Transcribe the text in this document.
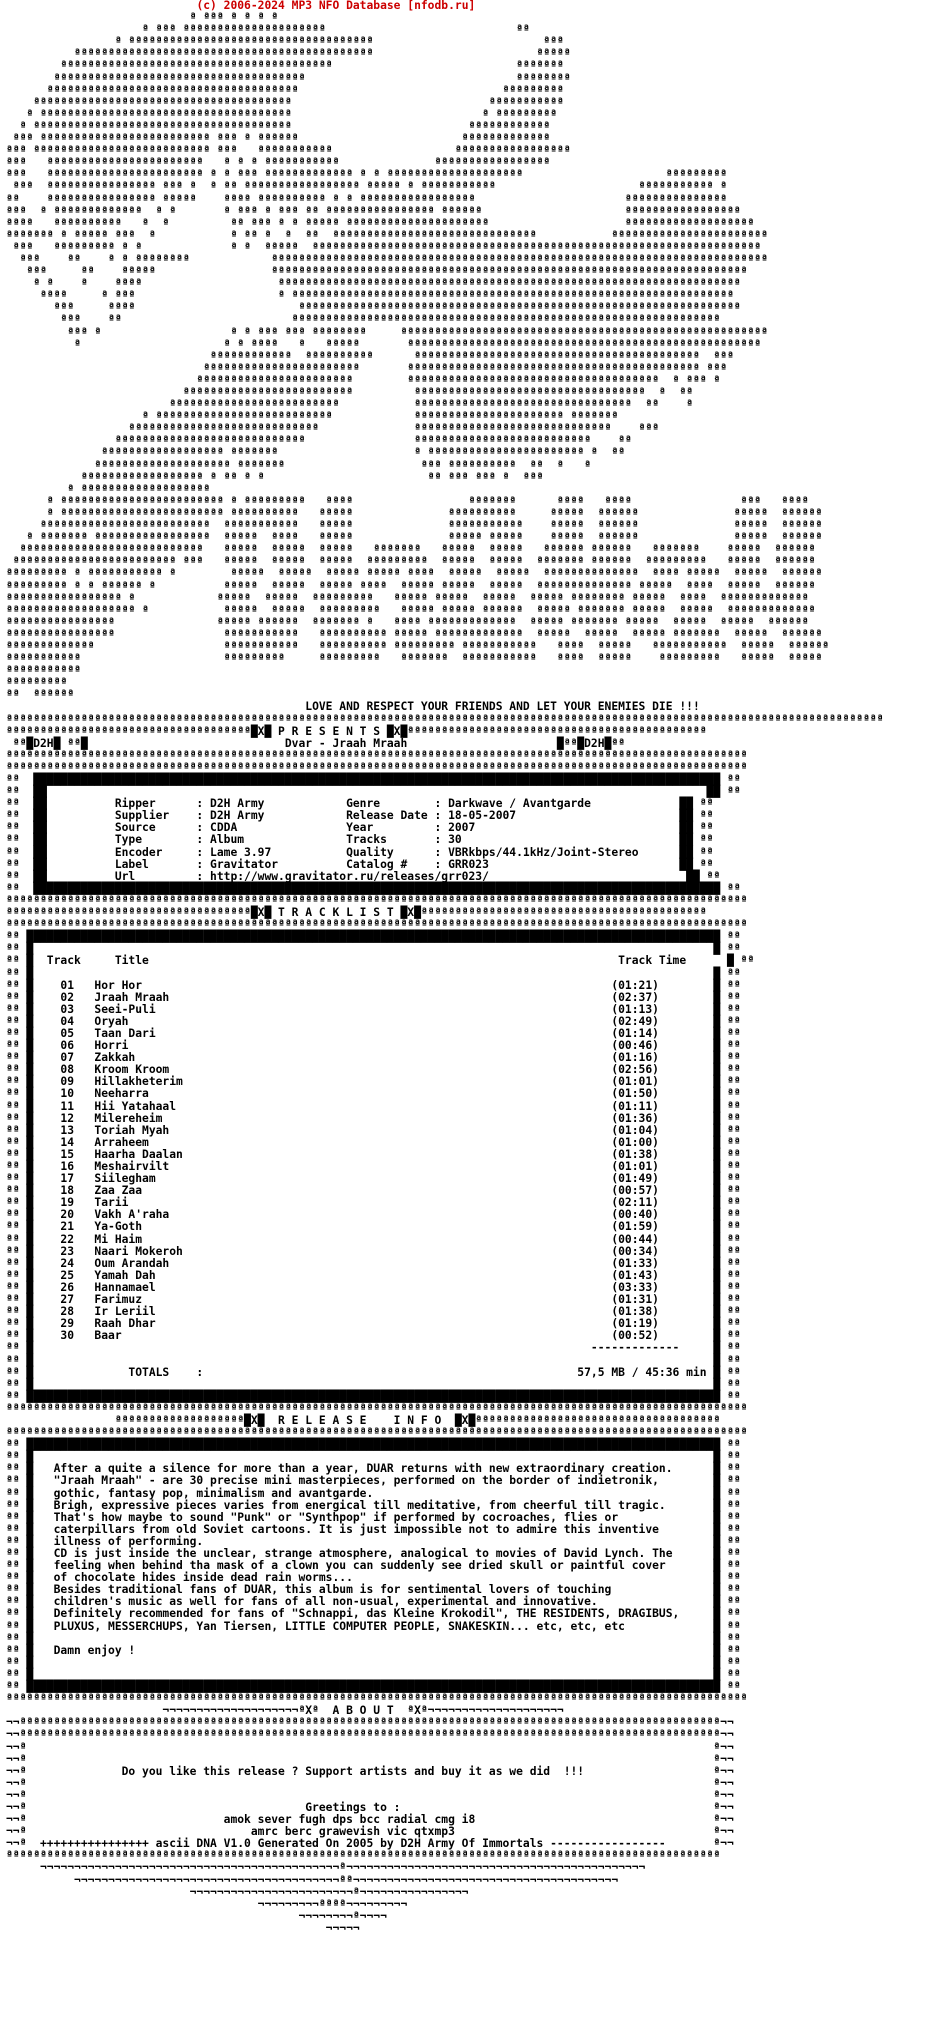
(c) 2006-2024 MP3 NFO Database [nfodb.ru]
ª ªªª ª ª ª ª
ª ªªª ªªªªªªªªªªªªªªªªªªªªª                            ªª
ª ªªªªªªªªªªªªªªªªªªªªªªªªªªªªªªªªªªªª                         ªªª
ªªªªªªªªªªªªªªªªªªªªªªªªªªªªªªªªªªªªªªªªªªªª                        ªªªªª
ªªªªªªªªªªªªªªªªªªªªªªªªªªªªªªªªªªªªªªªª                           ªªªªªªª
ªªªªªªªªªªªªªªªªªªªªªªªªªªªªªªªªªªªªª                               ªªªªªªªª
ªªªªªªªªªªªªªªªªªªªªªªªªªªªªªªªªªªªªª                              ªªªªªªªªª
ªªªªªªªªªªªªªªªªªªªªªªªªªªªªªªªªªªªªªª                             ªªªªªªªªªªª
ª ªªªªªªªªªªªªªªªªªªªªªªªªªªªªªªªªªªªªª                            ª ªªªªªªªªª
ª ªªªªªªªªªªªªªªªªªªªªªªªªªªªªªªªªªªªªªª                          ªªªªªªªªªªªª
ªªª ªªªªªªªªªªªªªªªªªªªªªªªªª ªªª ª ªªªªªª                        ªªªªªªªªªªªªª
ªªª ªªªªªªªªªªªªªªªªªªªªªªªªªª ªªª   ªªªªªªªªªªª                  ªªªªªªªªªªªªªªªªª
ªªª   ªªªªªªªªªªªªªªªªªªªªªªª   ª ª ª ªªªªªªªªªªª              ªªªªªªªªªªªªªªªªª
ªªª   ªªªªªªªªªªªªªªªªªªªªªªª ª ª ªªª ªªªªªªªªªªªªª ª ª ªªªªªªªªªªªªªªªªªªªª                     ªªªªªªªªª
ªªª  ªªªªªªªªªªªªªªªª ªªª ª  ª ªª ªªªªªªªªªªªªªªªªª ªªªªª ª ªªªªªªªªªªª                     ªªªªªªªªªªª ª
ªª    ªªªªªªªªªªªªªªªª ªªªªª    ªªªª ªªªªªªªªªª ª ª ªªªªªªªªªªªªªªªªª                      ªªªªªªªªªªªªªªª
ªªª  ª ªªªªªªªªªªªªª  ª ª       ª ªªª ª ªªª ªª ªªªªªªªªªªªªªªªª ªªªªªª                     ªªªªªªªªªªªªªªªªª
ªªªª   ªªªªªªªªªª   ª  ª         ªª ªªª ª ª ªªªªª ªªªªªªªªªªªªªªªªªªªªª                    ªªªªªªªªªªªªªªªªªªª
ªªªªªªª ª ªªªªª ªªª  ª           ª ªª ª  ª  ªª  ªªªªªªªªªªªªªªªªªªªªªªªªªªªªªª           ªªªªªªªªªªªªªªªªªªªªªªª
ªªª   ªªªªªªªªª ª ª             ª ª  ªªªªª  ªªªªªªªªªªªªªªªªªªªªªªªªªªªªªªªªªªªªªªªªªªªªªªªªªªªªªªªªªªªªªªªªªª
ªªª    ªª    ª ª ªªªªªªªª            ªªªªªªªªªªªªªªªªªªªªªªªªªªªªªªªªªªªªªªªªªªªªªªªªªªªªªªªªªªªªªªªªªªªªªªªªª
ªªª     ªª    ªªªªª                 ªªªªªªªªªªªªªªªªªªªªªªªªªªªªªªªªªªªªªªªªªªªªªªªªªªªªªªªªªªªªªªªªªªªªªª
ª ª    ª    ªªªª                    ªªªªªªªªªªªªªªªªªªªªªªªªªªªªªªªªªªªªªªªªªªªªªªªªªªªªªªªªªªªªªªªªªªªª
ªªªª     ª ªªª                     ª ªªªªªªªªªªªªªªªªªªªªªªªªªªªªªªªªªªªªªªªªªªªªªªªªªªªªªªªªªªªªªªªªª
ªªª     ªªªª                        ªªªªªªªªªªªªªªªªªªªªªªªªªªªªªªªªªªªªªªªªªªªªªªªªªªªªªªªªªªªªªªªªª
ªªª    ªª                         ªªªªªªªªªªªªªªªªªªªªªªªªªªªªªªªªªªªªªªªªªªªªªªªªªªªªªªªªªªªªªªª
ªªª ª                   ª ª ªªª ªªª ªªªªªªªª     ªªªªªªªªªªªªªªªªªªªªªªªªªªªªªªªªªªªªªªªªªªªªªªªªªªªªªª
ª                     ª ª ªªªª   ª   ªªªªª       ªªªªªªªªªªªªªªªªªªªªªªªªªªªªªªªªªªªªªªªªªªªªªªªªªªªª
ªªªªªªªªªªªª  ªªªªªªªªªª      ªªªªªªªªªªªªªªªªªªªªªªªªªªªªªªªªªªªªªªªªªª  ªªª
ªªªªªªªªªªªªªªªªªªªªªªª       ªªªªªªªªªªªªªªªªªªªªªªªªªªªªªªªªªªªªªªªªªªª ªªª
ªªªªªªªªªªªªªªªªªªªªªªª        ªªªªªªªªªªªªªªªªªªªªªªªªªªªªªªªªªªªªª  ª ªªª ª
ªªªªªªªªªªªªªªªªªªªªªªªªª         ªªªªªªªªªªªªªªªªªªªªªªªªªªªªªªªªªª  ª  ªª
ªªªªªªªªªªªªªªªªªªªªªªªªª           ªªªªªªªªªªªªªªªªªªªªªªªªªªªªªªªª  ªª    ª
ª ªªªªªªªªªªªªªªªªªªªªªªªªªª            ªªªªªªªªªªªªªªªªªªªªªª ªªªªªªª
ªªªªªªªªªªªªªªªªªªªªªªªªªªªª              ªªªªªªªªªªªªªªªªªªªªªªªªªªªªª    ªªª
ªªªªªªªªªªªªªªªªªªªªªªªªªªªª                ªªªªªªªªªªªªªªªªªªªªªªªªªª    ªª
ªªªªªªªªªªªªªªªªªª ªªªªªªª                    ª ªªªªªªªªªªªªªªªªªªªªªªª ª  ªª
ªªªªªªªªªªªªªªªªªªªª ªªªªªªª                    ªªª ªªªªªªªªªª  ªª  ª   ª
ªªªªªªªªªªªªªªªªªª ª ªª ª ª                        ªª ªªª ªªª ª  ªªª
ª ªªªªªªªªªªªªªªªªªªª
ª ªªªªªªªªªªªªªªªªªªªªªªªª ª ªªªªªªªªª   ªªªª                 ªªªªªªª      ªªªª   ªªªª                ªªª   ªªªª
ª ªªªªªªªªªªªªªªªªªªªªªªªª ªªªªªªªªªª   ªªªªª              ªªªªªªªªªª     ªªªªª  ªªªªªª              ªªªªª  ªªªªªª
ªªªªªªªªªªªªªªªªªªªªªªªªª  ªªªªªªªªªªª   ªªªªª              ªªªªªªªªªªª    ªªªªª  ªªªªªª              ªªªªª  ªªªªªª
ª ªªªªªªª ªªªªªªªªªªªªªªªªª  ªªªªª  ªªªª   ªªªªª              ªªªªª ªªªªª    ªªªªª  ªªªªªª              ªªªªª  ªªªªªª
ªªªªªªªªªªªªªªªªªªªªªªªªªªª   ªªªªª  ªªªªª  ªªªªª   ªªªªªªª   ªªªªª  ªªªªª   ªªªªªª ªªªªªª   ªªªªªªª    ªªªªª  ªªªªªª
ªªªªªªªªªªªªªªªªªªªªªªªª ªªª   ªªªªª  ªªªªª  ªªªªª  ªªªªªªªªª  ªªªªª  ªªªªª  ªªªªªªª ªªªªªª  ªªªªªªªªª   ªªªªª  ªªªªªª
ªªªªªªªªª ª ªªªªªªªªªªª ª        ªªªªª  ªªªªª  ªªªªª ªªªªª ªªªª  ªªªªª  ªªªªª  ªªªªªªªªªªªªªª  ªªªª ªªªªª  ªªªªª  ªªªªªª
ªªªªªªªªª ª ª ªªªªªª ª          ªªªªª  ªªªªª  ªªªªª ªªªª  ªªªªª ªªªªª  ªªªªª  ªªªªªªªªªªªªªª ªªªªª  ªªªª  ªªªªª  ªªªªªª
ªªªªªªªªªªªªªªªªª ª            ªªªªª  ªªªªª  ªªªªªªªªª   ªªªªª ªªªªª  ªªªªª  ªªªªª ªªªªªªªª ªªªªª  ªªªª  ªªªªªªªªªªªªª
ªªªªªªªªªªªªªªªªªªª ª           ªªªªª  ªªªªª  ªªªªªªªªª   ªªªªª ªªªªª ªªªªªª  ªªªªª ªªªªªªª ªªªªª  ªªªªª  ªªªªªªªªªªªªª
ªªªªªªªªªªªªªªªª               ªªªªª ªªªªªª  ªªªªªªª ª   ªªªª ªªªªªªªªªªªªª  ªªªªª ªªªªªªª ªªªªª  ªªªªª  ªªªªª  ªªªªªª
ªªªªªªªªªªªªªªªª                ªªªªªªªªªªª   ªªªªªªªªªª ªªªªª ªªªªªªªªªªªªª  ªªªªª  ªªªªª  ªªªªª ªªªªªªª  ªªªªª  ªªªªªª
ªªªªªªªªªªªªª                   ªªªªªªªªªªª   ªªªªªªªªªª ªªªªªªªªª ªªªªªªªªªªª   ªªªª  ªªªªª   ªªªªªªªªªªª  ªªªªª  ªªªªªª
ªªªªªªªªªªª                     ªªªªªªªªª     ªªªªªªªªª   ªªªªªªª  ªªªªªªªªªªª   ªªªª  ªªªªª    ªªªªªªªªª   ªªªªª  ªªªªª
ªªªªªªªªªªª
ªªªªªªªªª
ªª  ªªªªªª
LOVE AND RESPECT YOUR FRIENDS AND LET YOUR ENEMIES DIE !!!
ªªªªªªªªªªªªªªªªªªªªªªªªªªªªªªªªªªªªªªªªªªªªªªªªªªªªªªªªªªªªªªªªªªªªªªªªªªªªªªªªªªªªªªªªªªªªªªªªªªªªªªªªªªªªªªªªªªªªªªªªªªªªªªªªª
ªªªªªªªªªªªªªªªªªªªªªªªªªªªªªªªªªªªª█X█ P R E S E N T S █X█ªªªªªªªªªªªªªªªªªªªªªªªªªªªªªªªªªªªªªªªªªªªª
ªª█D2H█ ªª█                             Dvar - Jraah Mraah                      █ªª█D2H█ªª
ªªªªªªªªªªªªªªªªªªªªªªªªªªªªªªªªªªªªªªªªªªªªªªªªªªªªªªªªªªªªªªªªªªªªªªªªªªªªªªªªªªªªªªªªªªªªªªªªªªªªªªªªªªªªª
ªªªªªªªªªªªªªªªªªªªªªªªªªªªªªªªªªªªªªªªªªªªªªªªªªªªªªªªªªªªªªªªªªªªªªªªªªªªªªªªªªªªªªªªªªªªªªªªªªªªªªªªªªªªªª
ªª  █████████████████████████████████████████████████████████████████████████████████████████████████████ ªª
ªª  ██                                                                                                 ██ ªª
ªª  ██          Ripper      : D2H Army            Genre        : Darkwave / Avantgarde             ██ ªª
ªª  ██          Supplier    : D2H Army            Release Date : 18-05-2007                        ██ ªª
ªª  ██          Source      : CDDA                Year         : 2007                              ██ ªª
ªª  ██          Type        : Album               Tracks       : 30                                ██ ªª
ªª  ██          Encoder     : Lame 3.97           Quality      : VBRkbps/44.1kHz/Joint-Stereo      ██ ªª
ªª  ██          Label       : Gravitator          Catalog #    : GRR023                            ██ ªª
ªª  ██          Url         : http://www.gravitator.ru/releases/grr023/                             ██ ªª
ªª  █████████████████████████████████████████████████████████████████████████████████████████████████████ ªª
ªªªªªªªªªªªªªªªªªªªªªªªªªªªªªªªªªªªªªªªªªªªªªªªªªªªªªªªªªªªªªªªªªªªªªªªªªªªªªªªªªªªªªªªªªªªªªªªªªªªªªªªªªªªªª
ªªªªªªªªªªªªªªªªªªªªªªªªªªªªªªªªªªªª█X█ T R A C K L I S T █X█ªªªªªªªªªªªªªªªªªªªªªªªªªªªªªªªªªªªªªªªªªª
ªªªªªªªªªªªªªªªªªªªªªªªªªªªªªªªªªªªªªªªªªªªªªªªªªªªªªªªªªªªªªªªªªªªªªªªªªªªªªªªªªªªªªªªªªªªªªªªªªªªªªªªªªªªªª
ªª ██████████████████████████████████████████████████████████████████████████████████████████████████████ ªª
ªª █                                                                                                    █ ªª
ªª █  Track     Title                                                                     Track Time      █ ªª
ªª █                                                                                                    █ ªª
ªª █    01   Hor Hor                                                                     (01:21)        █ ªª
ªª █    02   Jraah Mraah                                                                 (02:37)        █ ªª
ªª █    03   Seei-Puli                                                                   (01:13)        █ ªª
ªª █    04   Oryah                                                                       (02:49)        █ ªª
ªª █    05   Taan Dari                                                                   (01:14)        █ ªª
ªª █    06   Horri                                                                       (00:46)        █ ªª
ªª █    07   Zakkah                                                                      (01:16)        █ ªª
ªª █    08   Kroom Kroom                                                                 (02:56)        █ ªª
ªª █    09   Hillakheterim                                                               (01:01)        █ ªª
ªª █    10   Neeharra                                                                    (01:50)        █ ªª
ªª █    11   Hii Yatahaal                                                                (01:11)        █ ªª
ªª █    12   Milereheim                                                                  (01:36)        █ ªª
ªª █    13   Toriah Myah                                                                 (01:04)        █ ªª
ªª █    14   Arraheem                                                                    (01:00)        █ ªª
ªª █    15   Haarha Daalan                                                               (01:38)        █ ªª
ªª █    16   Meshairvilt                                                                 (01:01)        █ ªª
ªª █    17   Siilegham                                                                   (01:49)        █ ªª
ªª █    18   Zaa Zaa                                                                     (00:57)        █ ªª
ªª █    19   Tarii                                                                       (02:11)        █ ªª
ªª █    20   Vakh A'raha                                                                 (00:40)        █ ªª
ªª █    21   Ya-Goth                                                                     (01:59)        █ ªª
ªª █    22   Mi Haim                                                                     (00:44)        █ ªª
ªª █    23   Naari Mokeroh                                                               (00:34)        █ ªª
ªª █    24   Oum Arandah                                                                 (01:33)        █ ªª
ªª █    25   Yamah Dah                                                                   (01:43)        █ ªª
ªª █    26   Hannamael                                                                   (03:33)        █ ªª
ªª █    27   Farimuz                                                                     (01:31)        █ ªª
ªª █    28   Ir Leriil                                                                   (01:38)        █ ªª
ªª █    29   Raah Dhar                                                                   (01:19)        █ ªª
ªª █    30   Baar                                                                        (00:52)        █ ªª
ªª █                                                                                  -------------     █ ªª
ªª █                                                                                                    █ ªª
ªª █              TOTALS    :                                                       57,5 MB / 45:36 min █ ªª
ªª █                                                                                                    █ ªª
ªª ██████████████████████████████████████████████████████████████████████████████████████████████████████ ªª
ªªªªªªªªªªªªªªªªªªªªªªªªªªªªªªªªªªªªªªªªªªªªªªªªªªªªªªªªªªªªªªªªªªªªªªªªªªªªªªªªªªªªªªªªªªªªªªªªªªªªªªªªªªªªª
ªªªªªªªªªªªªªªªªªªª█X█  R E L E A S E    I N F O  █X█ªªªªªªªªªªªªªªªªªªªªªªªªªªªªªªªªªªªª
ªªªªªªªªªªªªªªªªªªªªªªªªªªªªªªªªªªªªªªªªªªªªªªªªªªªªªªªªªªªªªªªªªªªªªªªªªªªªªªªªªªªªªªªªªªªªªªªªªªªªªªªªªªªªª
ªª ██████████████████████████████████████████████████████████████████████████████████████████████████████ ªª
ªª █                                                                                                    █ ªª
ªª █   After a quite a silence for more than a year, DUAR returns with new extraordinary creation.      █ ªª
ªª █   "Jraah Mraah" - are 30 precise mini masterpieces, performed on the border of indietronik,        █ ªª
ªª █   gothic, fantasy pop, minimalism and avantgarde.                                                  █ ªª
ªª █   Brigh, expressive pieces varies from energical till meditative, from cheerful till tragic.       █ ªª
ªª █   That's how maybe to sound "Punk" or "Synthpop" if performed by cocroaches, flies or              █ ªª
ªª █   caterpillars from old Soviet cartoons. It is just impossible not to admire this inventive        █ ªª
ªª █   illness of performing.                                                                           █ ªª
ªª █   CD is just inside the unclear, strange atmosphere, analogical to movies of David Lynch. The      █ ªª
ªª █   feeling when behind tha mask of a clown you can suddenly see dried skull or paintful cover       █ ªª
ªª █   of chocolate hides inside dead rain worms...                                                     █ ªª
ªª █   Besides traditional fans of DUAR, this album is for sentimental lovers of touching               █ ªª
ªª █   children's music as well for fans of all non-usual, experimental and innovative.                 █ ªª
ªª █   Definitely recommended for fans of "Schnappi, das Kleine Krokodil", THE RESIDENTS, DRAGIBUS,     █ ªª
ªª █   PLUXUS, MESSERCHUPS, Yan Tiersen, LITTLE COMPUTER PEOPLE, SNAKESKIN... etc, etc, etc             █ ªª
ªª █                                                                                                    █ ªª
ªª █   Damn enjoy !                                                                                     █ ªª
ªª █                                                                                                    █ ªª
ªª █                                                                                                    █ ªª
ªª ██████████████████████████████████████████████████████████████████████████████████████████████████████ ªª
ªªªªªªªªªªªªªªªªªªªªªªªªªªªªªªªªªªªªªªªªªªªªªªªªªªªªªªªªªªªªªªªªªªªªªªªªªªªªªªªªªªªªªªªªªªªªªªªªªªªªªªªªªªªªª
¬¬¬¬¬¬¬¬¬¬¬¬¬¬¬¬¬¬¬¬ªXª  A B O U T  ªXª¬¬¬¬¬¬¬¬¬¬¬¬¬¬¬¬¬¬¬¬
¬¬ªªªªªªªªªªªªªªªªªªªªªªªªªªªªªªªªªªªªªªªªªªªªªªªªªªªªªªªªªªªªªªªªªªªªªªªªªªªªªªªªªªªªªªªªªªªªªªªªªªªªªªª¬¬
¬¬ªªªªªªªªªªªªªªªªªªªªªªªªªªªªªªªªªªªªªªªªªªªªªªªªªªªªªªªªªªªªªªªªªªªªªªªªªªªªªªªªªªªªªªªªªªªªªªªªªªªªªªª¬¬
¬¬ª                                                                                                     ª¬¬
¬¬ª                                                                                                     ª¬¬
¬¬ª              Do you like this release ? Support artists and buy it as we did  !!!                   ª¬¬
¬¬ª                                                                                                     ª¬¬
¬¬ª                                                                                                     ª¬¬
¬¬ª                                         Greetings to :                                              ª¬¬
¬¬ª                             amok sever fugh dps bcc radial cmg i8                                   ª¬¬
¬¬ª                                 amrc berc grawevish vic qtxmp3                                      ª¬¬
¬¬ª  ++++++++++++++++ ascii DNA V1.0 Generated On 2005 by D2H Army Of Immortals -----------------       ª¬¬
ªªªªªªªªªªªªªªªªªªªªªªªªªªªªªªªªªªªªªªªªªªªªªªªªªªªªªªªªªªªªªªªªªªªªªªªªªªªªªªªªªªªªªªªªªªªªªªªªªªªªªªªªª
¬¬¬¬¬¬¬¬¬¬¬¬¬¬¬¬¬¬¬¬¬¬¬¬¬¬¬¬¬¬¬¬¬¬¬¬¬¬¬¬¬¬¬¬ª¬¬¬¬¬¬¬¬¬¬¬¬¬¬¬¬¬¬¬¬¬¬¬¬¬¬¬¬¬¬¬¬¬¬¬¬¬¬¬¬¬¬¬¬
¬¬¬¬¬¬¬¬¬¬¬¬¬¬¬¬¬¬¬¬¬¬¬¬¬¬¬¬¬¬¬¬¬¬¬¬¬¬¬ªª¬¬¬¬¬¬¬¬¬¬¬¬¬¬¬¬¬¬¬¬¬¬¬¬¬¬¬¬¬¬¬¬¬¬¬¬¬¬¬
¬¬¬¬¬¬¬¬¬¬¬¬¬¬¬¬¬¬¬¬¬¬¬¬ª¬¬¬¬¬¬¬¬¬¬¬¬¬¬¬¬
¬¬¬¬¬¬¬¬¬ªªªª¬¬¬¬¬¬¬¬¬
¬¬¬¬¬¬¬¬ª¬¬¬¬
¬¬¬¬¬
